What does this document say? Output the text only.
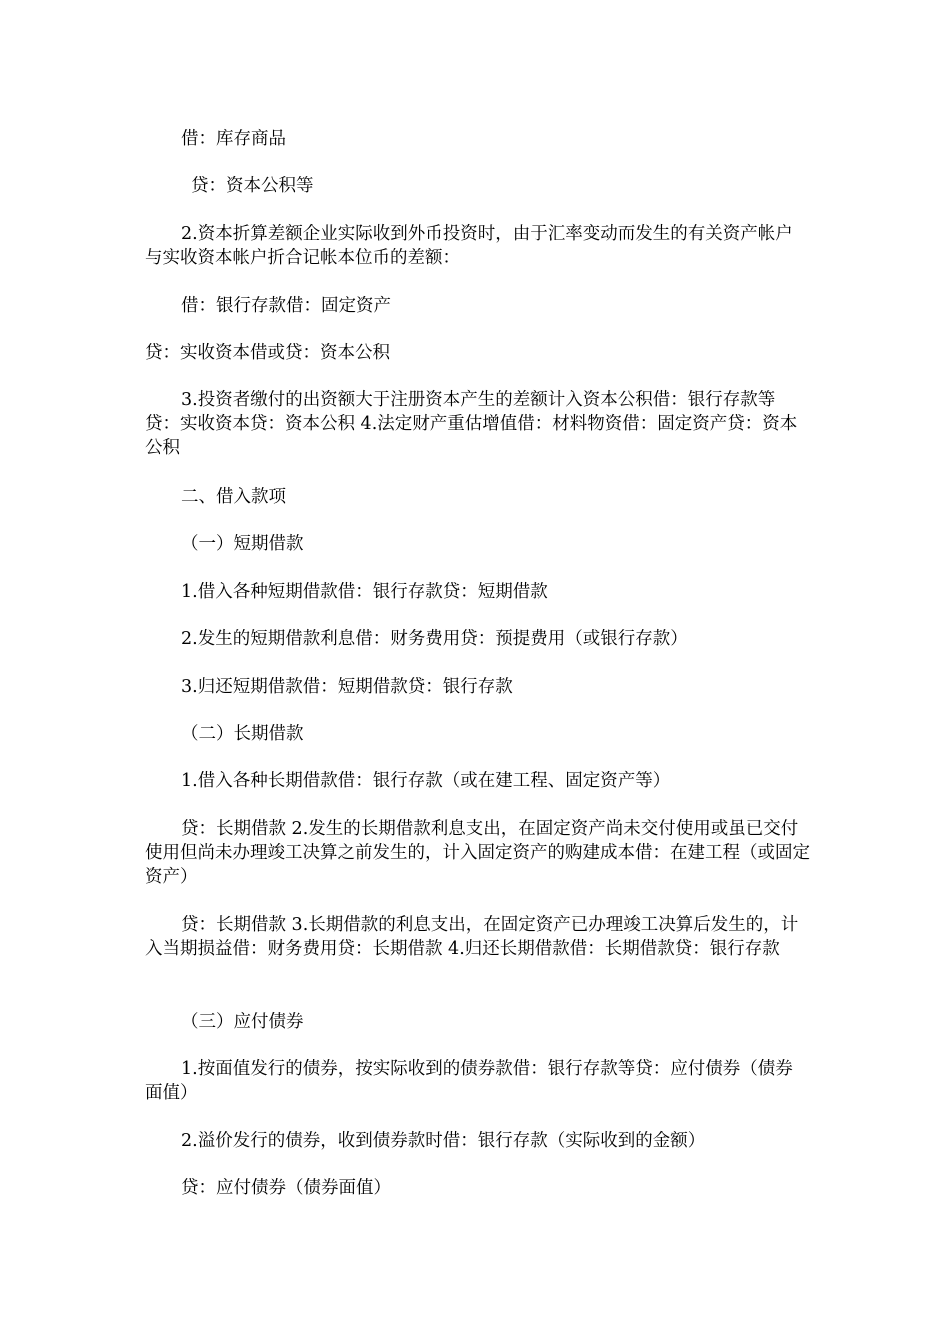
借：库存商品

贷：资本公积等

2.资本折算差额企业实际收到外币投资时，由于汇率变动而发生的有关资产帐户与实收资本帐户折合记帐本位币的差额：

借：银行存款借：固定资产

贷：实收资本借或贷：资本公积

3.投资者缴付的出资额大于注册资本产生的差额计入资本公积借：银行存款等贷：实收资本贷：资本公积 4.法定财产重估增值借：材料物资借：固定资产贷：资本公积

二、借入款项

（一）短期借款

1.借入各种短期借款借：银行存款贷：短期借款

2.发生的短期借款利息借：财务费用贷：预提费用（或银行存款）

3.归还短期借款借：短期借款贷：银行存款

（二）长期借款

1.借入各种长期借款借：银行存款（或在建工程、固定资产等）

贷：长期借款 2.发生的长期借款利息支出，在固定资产尚未交付使用或虽已交付使用但尚未办理竣工决算之前发生的，计入固定资产的购建成本借：在建工程（或固定资产）

贷：长期借款 3.长期借款的利息支出，在固定资产已办理竣工决算后发生的，计入当期损益借：财务费用贷：长期借款 4.归还长期借款借：长期借款贷：银行存款

（三）应付债券

1.按面值发行的债券，按实际收到的债券款借：银行存款等贷：应付债券（债券面值）

2.溢价发行的债券，收到债券款时借：银行存款（实际收到的金额）

贷：应付债券（债券面值）
